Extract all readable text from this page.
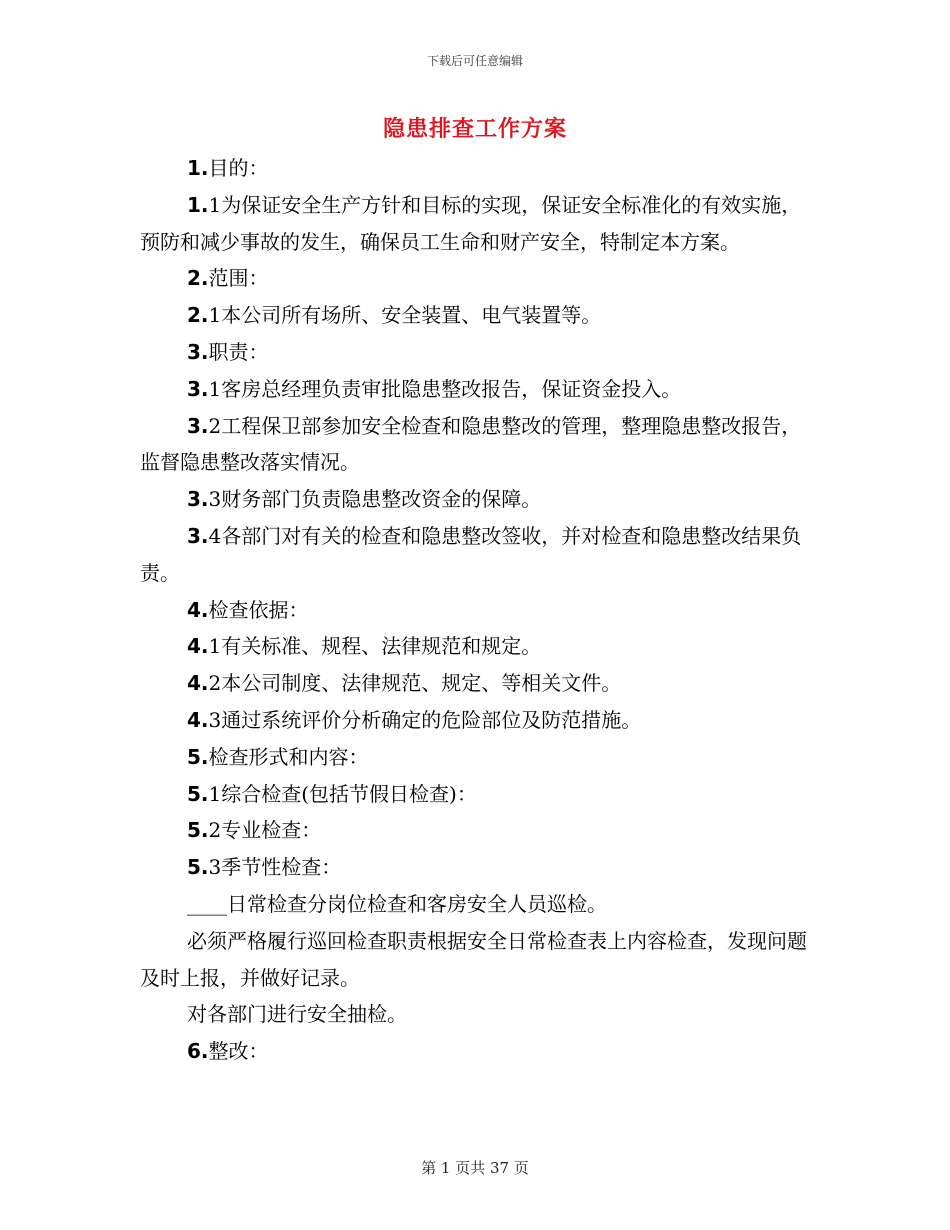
下载后可任意编辑
隐患排查工作方案

1.目的：

1.1为保证安全生产方针和目标的实现，保证安全标准化的有效实施，预防和减少事故的发生，确保员工生命和财产安全，特制定本方案。

2.范围：

2.1本公司所有场所、安全装置、电气装置等。

3.职责：

3.1客房总经理负责审批隐患整改报告，保证资金投入。

3.2工程保卫部参加安全检查和隐患整改的管理，整理隐患整改报告，监督隐患整改落实情况。

3.3财务部门负责隐患整改资金的保障。

3.4各部门对有关的检查和隐患整改签收，并对检查和隐患整改结果负责。

4.检查依据：

4.1有关标准、规程、法律规范和规定。

4.2本公司制度、法律规范、规定、等相关文件。

4.3通过系统评价分析确定的危险部位及防范措施。

5.检查形式和内容：

5.1综合检查(包括节假日检查)：

5.2专业检查：

5.3季节性检查：

____日常检查分岗位检查和客房安全人员巡检。

必须严格履行巡回检查职责根据安全日常检查表上内容检查，发现问题及时上报，并做好记录。

对各部门进行安全抽检。

6.整改：

第 1 页共 37 页
